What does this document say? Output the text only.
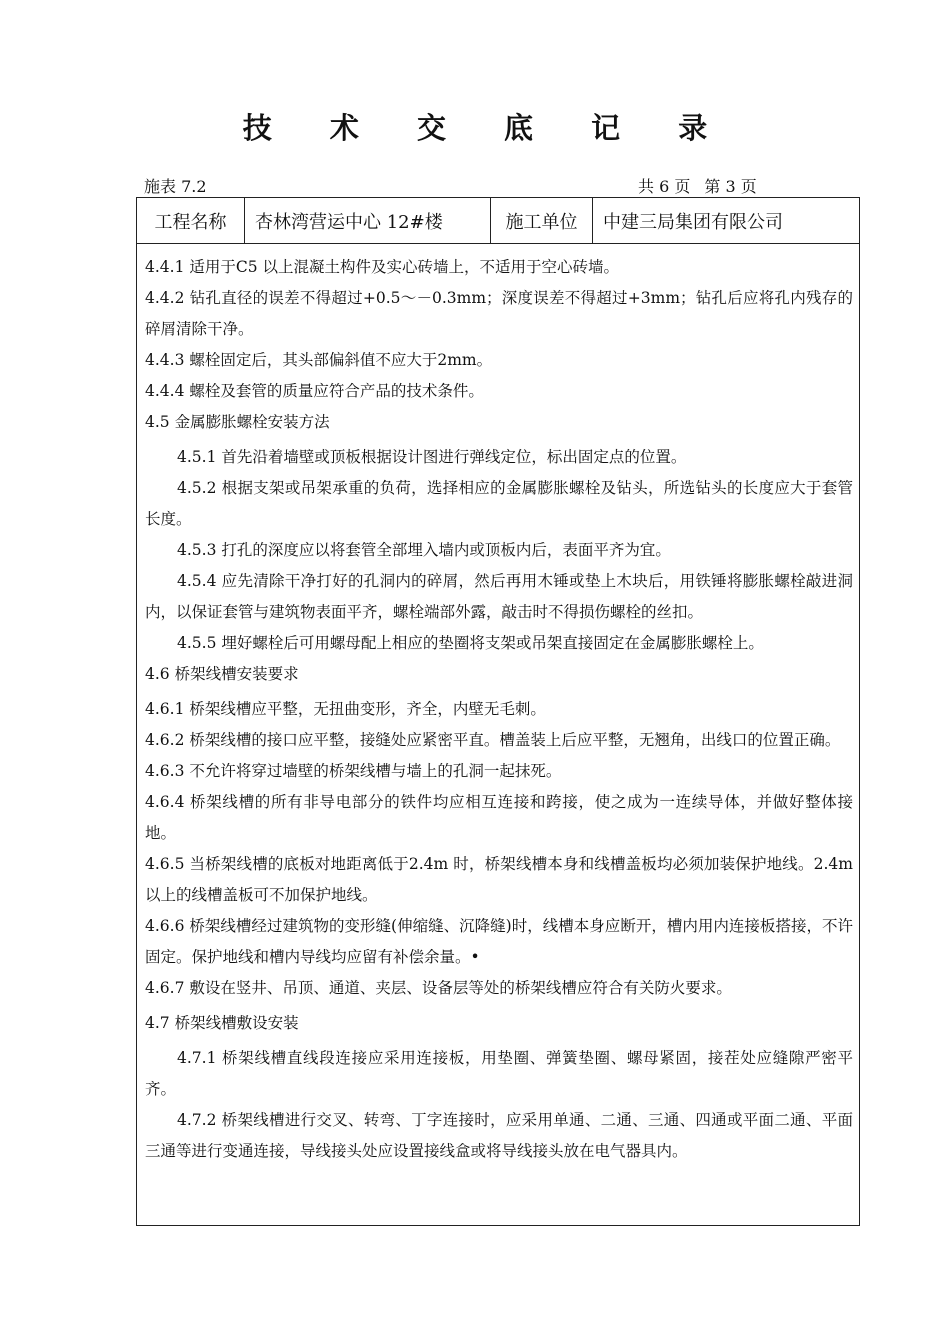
技 术 交 底 记 录
施表 7.2	共 6 页 第 3 页
工程名称	杏林湾营运中心 12#楼	施工单位	中建三局集团有限公司

4.4.1 适用于C5 以上混凝土构件及实心砖墙上，不适用于空心砖墙。

4.4.2 钻孔直径的误差不得超过+0.5～－0.3mm；深度误差不得超过+3mm；钻孔后应将孔内残存的碎屑清除干净。

4.4.3 螺栓固定后，其头部偏斜值不应大于2mm。

4.4.4 螺栓及套管的质量应符合产品的技术条件。

4.5 金属膨胀螺栓安装方法

4.5.1 首先沿着墙壁或顶板根据设计图进行弹线定位，标出固定点的位置。

4.5.2 根据支架或吊架承重的负荷，选择相应的金属膨胀螺栓及钻头，所选钻头的长度应大于套管长度。

4.5.3 打孔的深度应以将套管全部埋入墙内或顶板内后，表面平齐为宜。

4.5.4 应先清除干净打好的孔洞内的碎屑，然后再用木锤或垫上木块后，用铁锤将膨胀螺栓敲进洞内，以保证套管与建筑物表面平齐，螺栓端部外露，敲击时不得损伤螺栓的丝扣。

4.5.5 埋好螺栓后可用螺母配上相应的垫圈将支架或吊架直接固定在金属膨胀螺栓上。

4.6 桥架线槽安装要求

4.6.1 桥架线槽应平整，无扭曲变形，齐全，内壁无毛刺。

4.6.2 桥架线槽的接口应平整，接缝处应紧密平直。槽盖装上后应平整，无翘角，出线口的位置正确。

4.6.3 不允许将穿过墙壁的桥架线槽与墙上的孔洞一起抹死。

4.6.4 桥架线槽的所有非导电部分的铁件均应相互连接和跨接，使之成为一连续导体，并做好整体接地。

4.6.5 当桥架线槽的底板对地距离低于2.4m 时，桥架线槽本身和线槽盖板均必须加装保护地线。2.4m 以上的线槽盖板可不加保护地线。

4.6.6 桥架线槽经过建筑物的变形缝(伸缩缝、沉降缝)时，线槽本身应断开，槽内用内连接板搭接，不许固定。保护地线和槽内导线均应留有补偿余量。•

4.6.7 敷设在竖井、吊顶、通道、夹层、设备层等处的桥架线槽应符合有关防火要求。

4.7 桥架线槽敷设安装

4.7.1 桥架线槽直线段连接应采用连接板，用垫圈、弹簧垫圈、螺母紧固，接茬处应缝隙严密平齐。

4.7.2 桥架线槽进行交叉、转弯、丁字连接时，应采用单通、二通、三通、四通或平面二通、平面三通等进行变通连接，导线接头处应设置接线盒或将导线接头放在电气器具内。
